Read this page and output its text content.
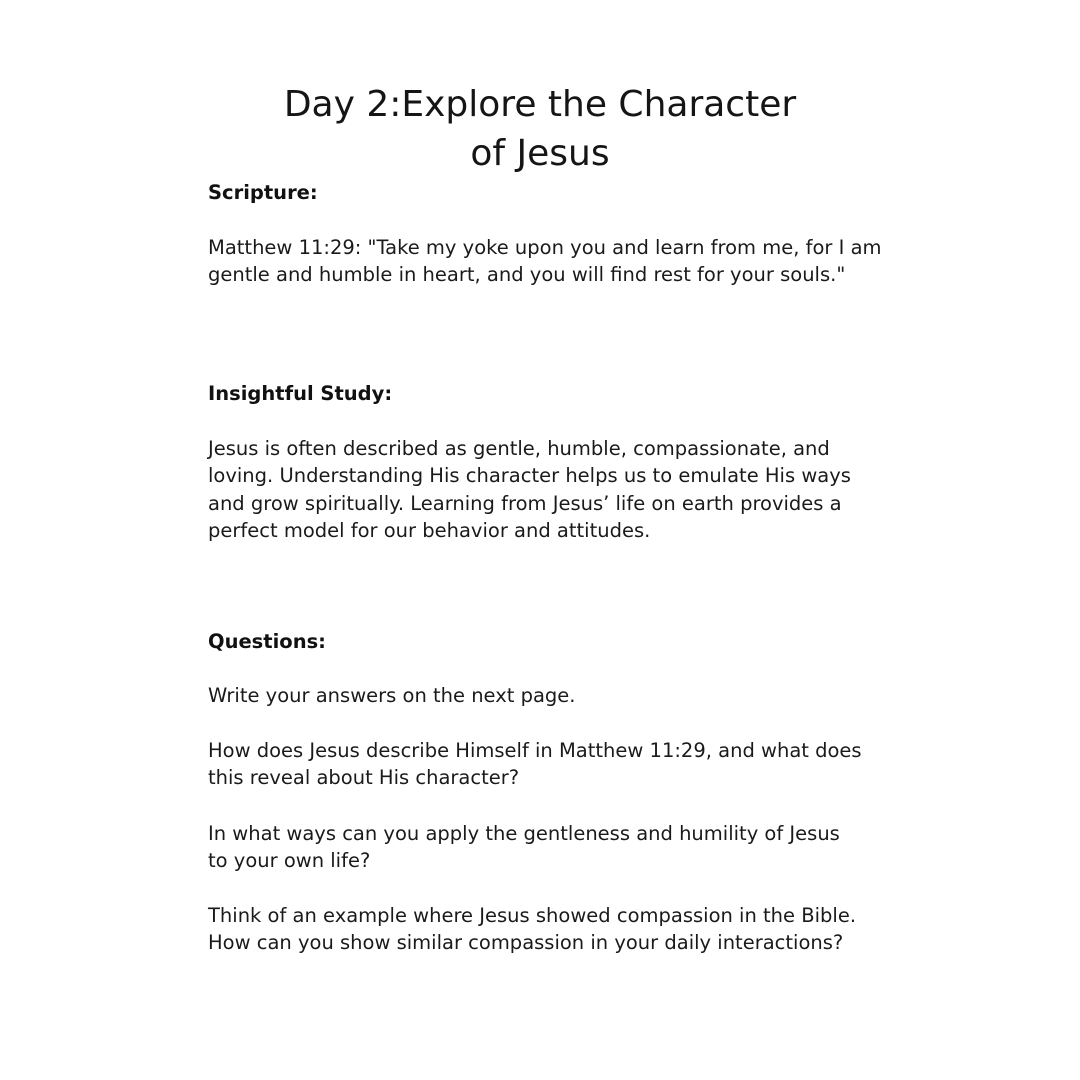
Day 2:Explore the Character
of Jesus
Scripture:

Matthew 11:29: "Take my yoke upon you and learn from me, for I am
gentle and humble in heart, and you will find rest for your souls."

Insightful Study:

Jesus is often described as gentle, humble, compassionate, and
loving. Understanding His character helps us to emulate His ways
and grow spiritually. Learning from Jesus’ life on earth provides a
perfect model for our behavior and attitudes.

Questions:

Write your answers on the next page.

How does Jesus describe Himself in Matthew 11:29, and what does
this reveal about His character?

In what ways can you apply the gentleness and humility of Jesus
to your own life?

Think of an example where Jesus showed compassion in the Bible.
How can you show similar compassion in your daily interactions?
